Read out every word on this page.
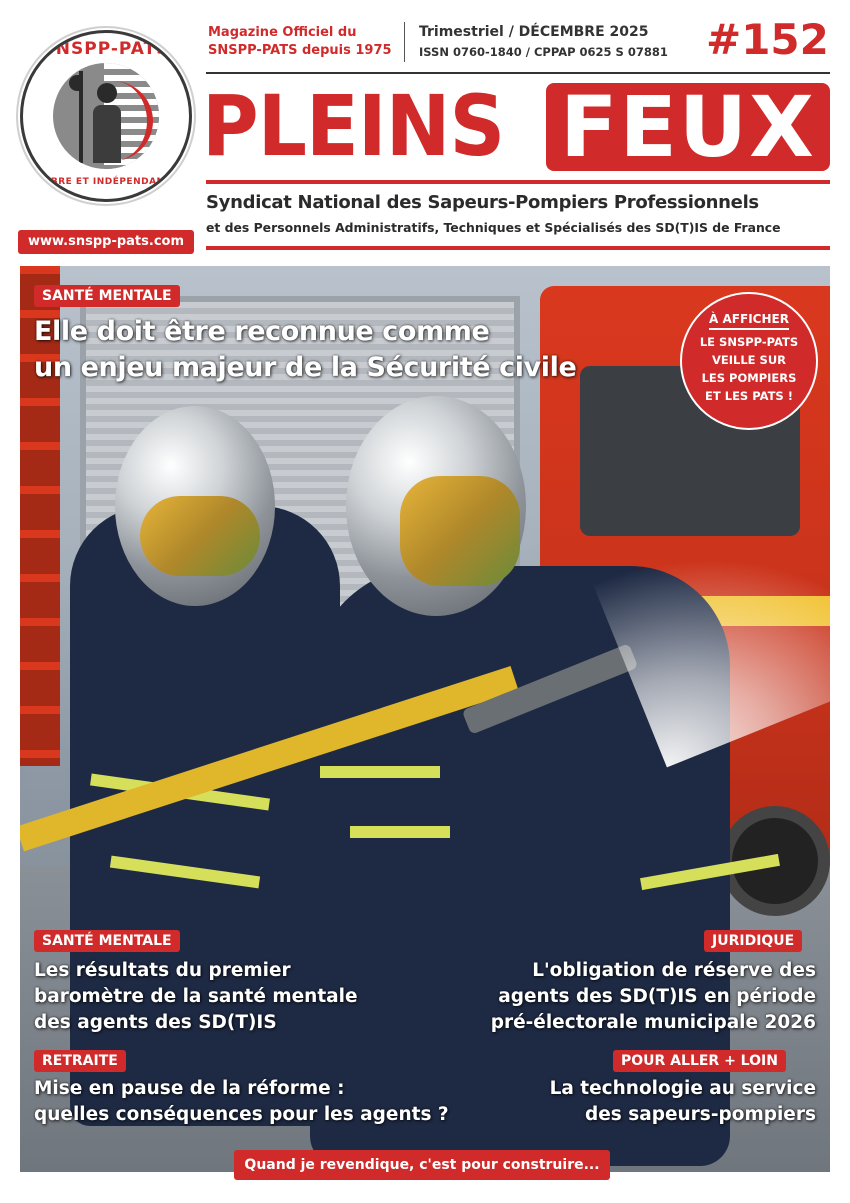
SNSPP-PATS
LIBRE ET INDÉPENDANT
www.snspp-pats.com
Magazine Officiel du
SNSPP-PATS depuis 1975
Trimestriel / DÉCEMBRE 2025
ISSN 0760-1840 / CPPAP 0625 S 07881 #152
PLEINS FEUX
Syndicat National des Sapeurs-Pompiers Professionnels
et des Personnels Administratifs, Techniques et Spécialisés des SD(T)IS de France
SANTÉ MENTALE
Elle doit être reconnue comme
un enjeu majeur de la Sécurité civile
À AFFICHER
LE SNSPP-PATS
VEILLE SUR
LES POMPIERS
ET LES PATS !
SANTÉ MENTALE
Les résultats du premier
baromètre de la santé mentale
des agents des SD(T)IS
RETRAITE
Mise en pause de la réforme :
quelles conséquences pour les agents ?
JURIDIQUE
L'obligation de réserve des
agents des SD(T)IS en période
pré-électorale municipale 2026
POUR ALLER + LOIN
La technologie au service
des sapeurs-pompiers
Quand je revendique, c'est pour construire...
